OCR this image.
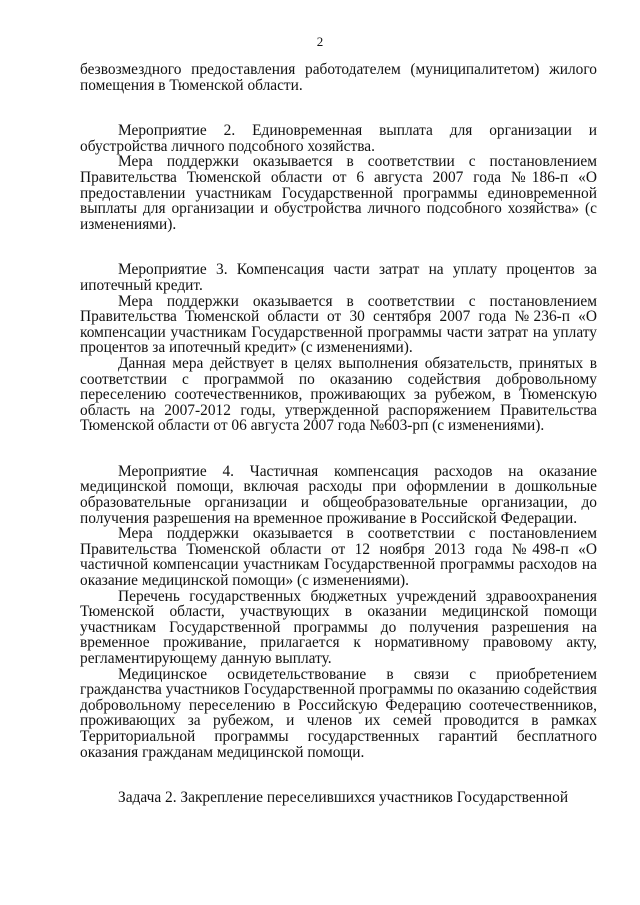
2

безвозмездного предоставления работодателем (муниципалитетом) жилого помещения в Тюменской области.

Мероприятие 2. Единовременная выплата для организации и обустройства личного подсобного хозяйства.

Мера поддержки оказывается в соответствии с постановлением Правительства Тюменской области от 6 августа 2007 года №186-п «О предоставлении участникам Государственной программы единовременной выплаты для организации и обустройства личного подсобного хозяйства» (с изменениями).

Мероприятие 3. Компенсация части затрат на уплату процентов за ипотечный кредит.

Мера поддержки оказывается в соответствии с постановлением Правительства Тюменской области от 30 сентября 2007 года №236-п «О компенсации участникам Государственной программы части затрат на уплату процентов за ипотечный кредит» (с изменениями).

Данная мера действует в целях выполнения обязательств, принятых в соответствии с программой по оказанию содействия добровольному переселению соотечественников, проживающих за рубежом, в Тюменскую область на 2007-2012 годы, утвержденной распоряжением Правительства Тюменской области от 06 августа 2007 года №603-рп (с изменениями).

Мероприятие 4. Частичная компенсация расходов на оказание медицинской помощи, включая расходы при оформлении в дошкольные образовательные организации и общеобразовательные организации, до получения разрешения на временное проживание в Российской Федерации.

Мера поддержки оказывается в соответствии с постановлением Правительства Тюменской области от 12 ноября 2013 года №498-п «О частичной компенсации участникам Государственной программы расходов на оказание медицинской помощи» (с изменениями).

Перечень государственных бюджетных учреждений здравоохранения Тюменской области, участвующих в оказании медицинской помощи участникам Государственной программы до получения разрешения на временное проживание, прилагается к нормативному правовому акту, регламентирующему данную выплату.

Медицинское освидетельствование в связи с приобретением гражданства участников Государственной программы по оказанию содействия добровольному переселению в Российскую Федерацию соотечественников, проживающих за рубежом, и членов их семей проводится в рамках Территориальной программы государственных гарантий бесплатного оказания гражданам медицинской помощи.

Задача 2. Закрепление переселившихся участников Государственной
